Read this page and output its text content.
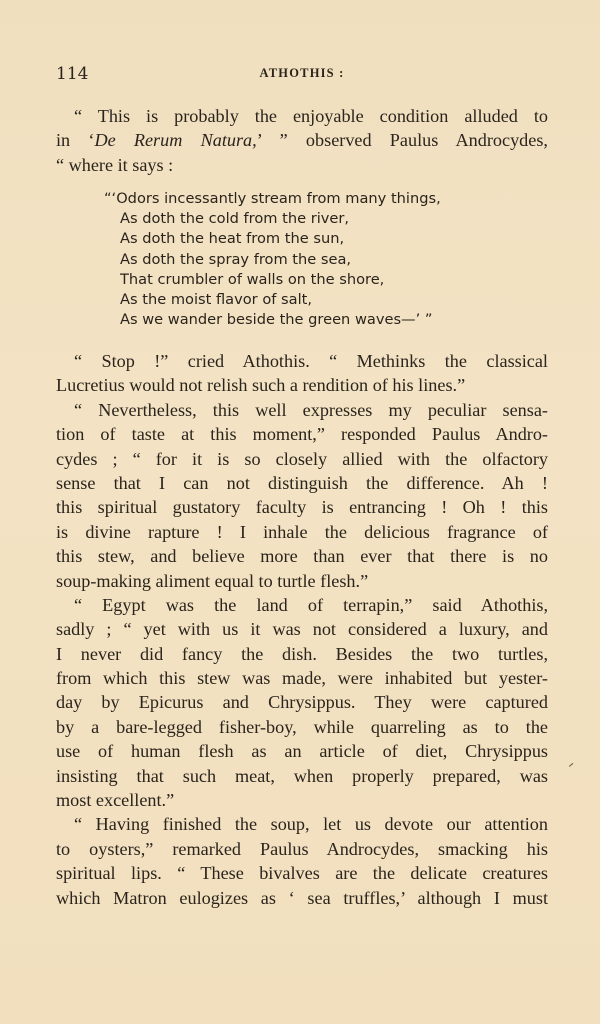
114	ATHOTHIS :
“ This is probably the enjoyable condition alluded to
in ‘De Rerum Natura,’ ” observed Paulus Androcydes,
“ where it says :
“‘Odors incessantly stream from many things,
As doth the cold from the river,
As doth the heat from the sun,
As doth the spray from the sea,
That crumbler of walls on the shore,
As the moist flavor of salt,
As we wander beside the green waves—’ ”
“ Stop !” cried Athothis. “ Methinks the classical
Lucretius would not relish such a rendition of his lines.”
“ Nevertheless, this well expresses my peculiar sensa-
tion of taste at this moment,” responded Paulus Andro-
cydes ; “ for it is so closely allied with the olfactory
sense that I can not distinguish the difference. Ah !
this spiritual gustatory faculty is entrancing ! Oh ! this
is divine rapture ! I inhale the delicious fragrance of
this stew, and believe more than ever that there is no
soup-making aliment equal to turtle flesh.”
“ Egypt was the land of terrapin,” said Athothis,
sadly ; “ yet with us it was not considered a luxury, and
I never did fancy the dish. Besides the two turtles,
from which this stew was made, were inhabited but yester-
day by Epicurus and Chrysippus. They were captured
by a bare-legged fisher-boy, while quarreling as to the
use of human flesh as an article of diet, Chrysippus
insisting that such meat, when properly prepared, was
most excellent.”
“ Having finished the soup, let us devote our attention
to oysters,” remarked Paulus Androcydes, smacking his
spiritual lips. “ These bivalves are the delicate creatures
which Matron eulogizes as ‘ sea truffles,’ although I must
